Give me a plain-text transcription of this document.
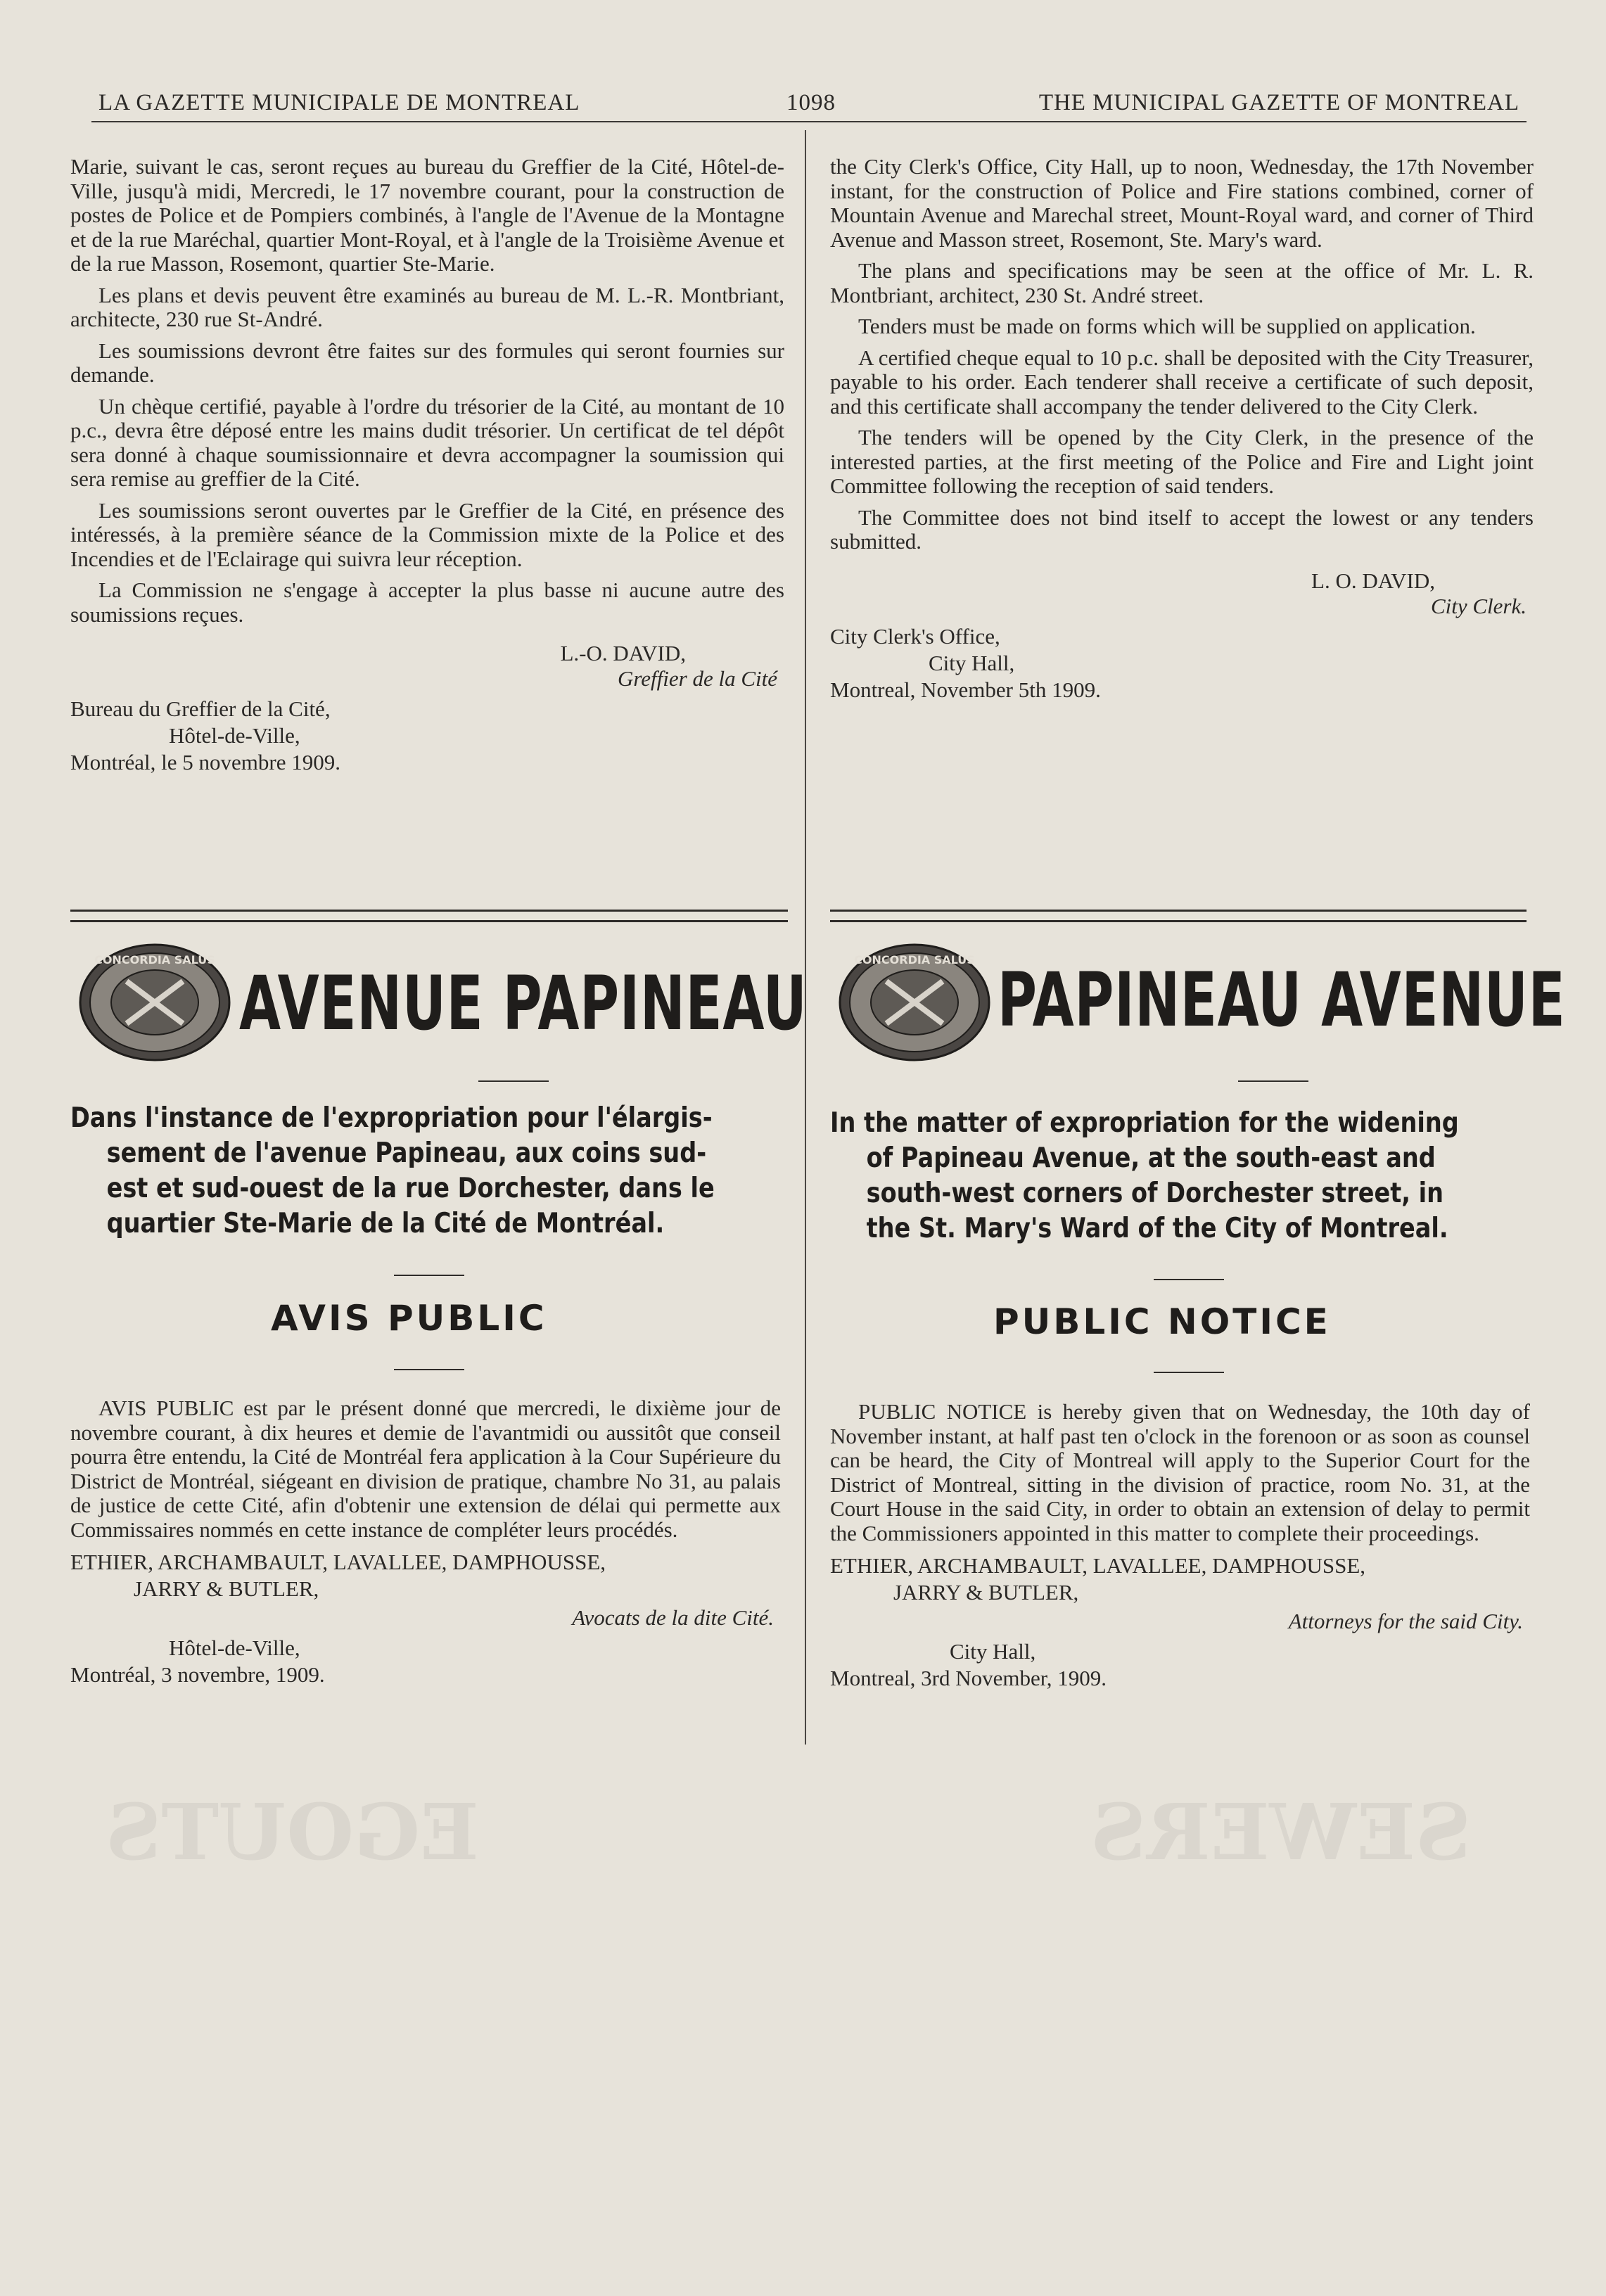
EGOUTS	SEWERS
LA GAZETTE MUNICIPALE DE MONTREAL	1098	THE MUNICIPAL GAZETTE OF MONTREAL

Marie, suivant le cas, seront reçues au bureau du Greffier de la Cité, Hôtel-de-Ville, jusqu'à midi, Mercredi, le 17 novembre courant, pour la construction de postes de Police et de Pompiers combinés, à l'angle de l'Avenue de la Montagne et de la rue Maréchal, quartier Mont-Royal, et à l'angle de la Troisième Avenue et de la rue Masson, Rosemont, quartier Ste-Marie.

Les plans et devis peuvent être examinés au bureau de M. L.-R. Montbriant, architecte, 230 rue St-André.

Les soumissions devront être faites sur des formules qui seront fournies sur demande.

Un chèque certifié, payable à l'ordre du trésorier de la Cité, au montant de 10 p.c., devra être déposé entre les mains dudit trésorier. Un certificat de tel dépôt sera donné à chaque soumissionnaire et devra accompagner la soumission qui sera remise au greffier de la Cité.

Les soumissions seront ouvertes par le Greffier de la Cité, en présence des intéressés, à la première séance de la Commission mixte de la Police et des Incendies et de l'Eclairage qui suivra leur réception.

La Commission ne s'engage à accepter la plus basse ni aucune autre des soumissions reçues.

L.-O. DAVID,

Greffier de la Cité

Bureau du Greffier de la Cité,

Hôtel-de-Ville,

Montréal, le 5 novembre 1909.

the City Clerk's Office, City Hall, up to noon, Wednesday, the 17th November instant, for the construction of Police and Fire stations combined, corner of Mountain Avenue and Marechal street, Mount-Royal ward, and corner of Third Avenue and Masson street, Rosemont, Ste. Mary's ward.

The plans and specifications may be seen at the office of Mr. L. R. Montbriant, architect, 230 St. André street.

Tenders must be made on forms which will be supplied on application.

A certified cheque equal to 10 p.c. shall be deposited with the City Treasurer, payable to his order. Each tenderer shall receive a certificate of such deposit, and this certificate shall accompany the tender delivered to the City Clerk.

The tenders will be opened by the City Clerk, in the presence of the interested parties, at the first meeting of the Police and Fire and Light joint Committee following the reception of said tenders.

The Committee does not bind itself to accept the lowest or any tenders submitted.

L. O. DAVID,

City Clerk.

City Clerk's Office,

City Hall,

Montreal, November 5th 1909.

CONCORDIA SALUS	CONCORDIA SALUS
AVENUE PAPINEAU
Dans l'instance de l'expropriation pour l'élargis-
sement de l'avenue Papineau, aux coins sud-
est et sud-ouest de la rue Dorchester, dans le
quartier Ste-Marie de la Cité de Montréal.
AVIS PUBLIC

AVIS PUBLIC est par le présent donné que mercredi, le dixième jour de novembre courant, à dix heures et demie de l'avantmidi ou aussitôt que conseil pourra être entendu, la Cité de Montréal fera application à la Cour Supérieure du District de Montréal, siégeant en division de pratique, chambre No 31, au palais de justice de cette Cité, afin d'obtenir une extension de délai qui permette aux Commissaires nommés en cette instance de compléter leurs procédés.

ETHIER, ARCHAMBAULT, LAVALLEE, DAMPHOUSSE,

JARRY & BUTLER,

Avocats de la dite Cité.

Hôtel-de-Ville,

Montréal, 3 novembre, 1909.

PAPINEAU AVENUE
In the matter of expropriation for the widening
of Papineau Avenue, at the south-east and
south-west corners of Dorchester street, in
the St. Mary's Ward of the City of Montreal.
PUBLIC NOTICE

PUBLIC NOTICE is hereby given that on Wednesday, the 10th day of November instant, at half past ten o'clock in the forenoon or as soon as counsel can be heard, the City of Montreal will apply to the Superior Court for the District of Montreal, sitting in the division of practice, room No. 31, at the Court House in the said City, in order to obtain an extension of delay to permit the Commissioners appointed in this matter to complete their proceedings.

ETHIER, ARCHAMBAULT, LAVALLEE, DAMPHOUSSE,

JARRY & BUTLER,

Attorneys for the said City.

City Hall,

Montreal, 3rd November, 1909.
